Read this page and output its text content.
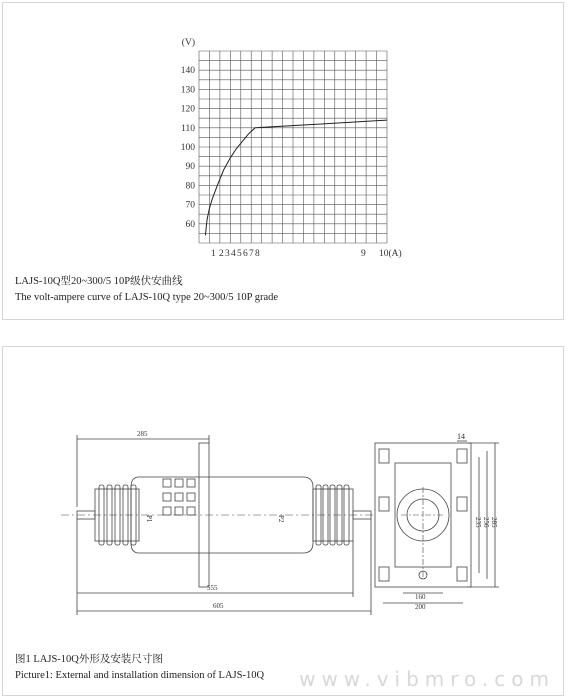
60
70
80
90
100
110
120
130
140
(V)
1 2 3 4 5 6 7 8	9 10(A)
LAJS-10Q型20~300/5 10P级伏安曲线
The volt-ampere curve of LAJS-10Q type 20~300/5 10P grade
285
555
605
P1	P2
14
235 256 285
160
200
图1 LAJS-10Q外形及安装尺寸图
Picture1: External and installation dimension of LAJS-10Q www.vibmro.com
